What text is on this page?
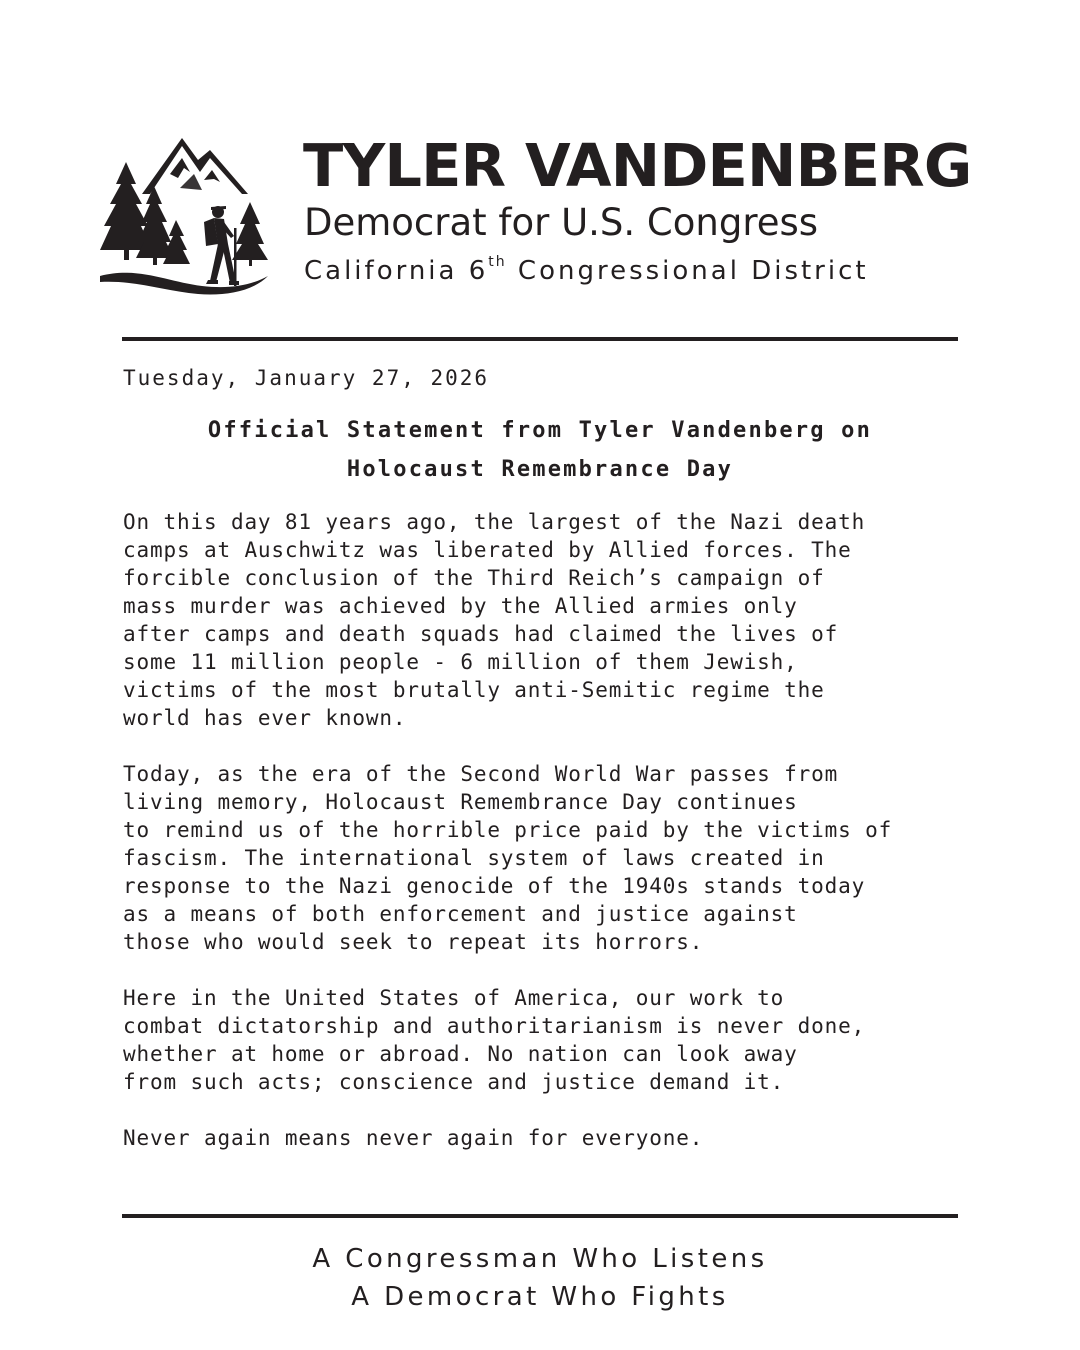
TYLER VANDENBERG
Democrat for U.S. Congress
California 6th Congressional District
Tuesday, January 27, 2026
Official Statement from Tyler Vandenberg on
Holocaust Remembrance Day

On this day 81 years ago, the largest of the Nazi death
camps at Auschwitz was liberated by Allied forces. The
forcible conclusion of the Third Reich’s campaign of
mass murder was achieved by the Allied armies only
after camps and death squads had claimed the lives of
some 11 million people - 6 million of them Jewish,
victims of the most brutally anti-Semitic regime the
world has ever known.

Today, as the era of the Second World War passes from
living memory, Holocaust Remembrance Day continues
to remind us of the horrible price paid by the victims of
fascism. The international system of laws created in
response to the Nazi genocide of the 1940s stands today
as a means of both enforcement and justice against
those who would seek to repeat its horrors.

Here in the United States of America, our work to
combat dictatorship and authoritarianism is never done,
whether at home or abroad. No nation can look away
from such acts; conscience and justice demand it.

Never again means never again for everyone.

A Congressman Who Listens
A Democrat Who Fights
